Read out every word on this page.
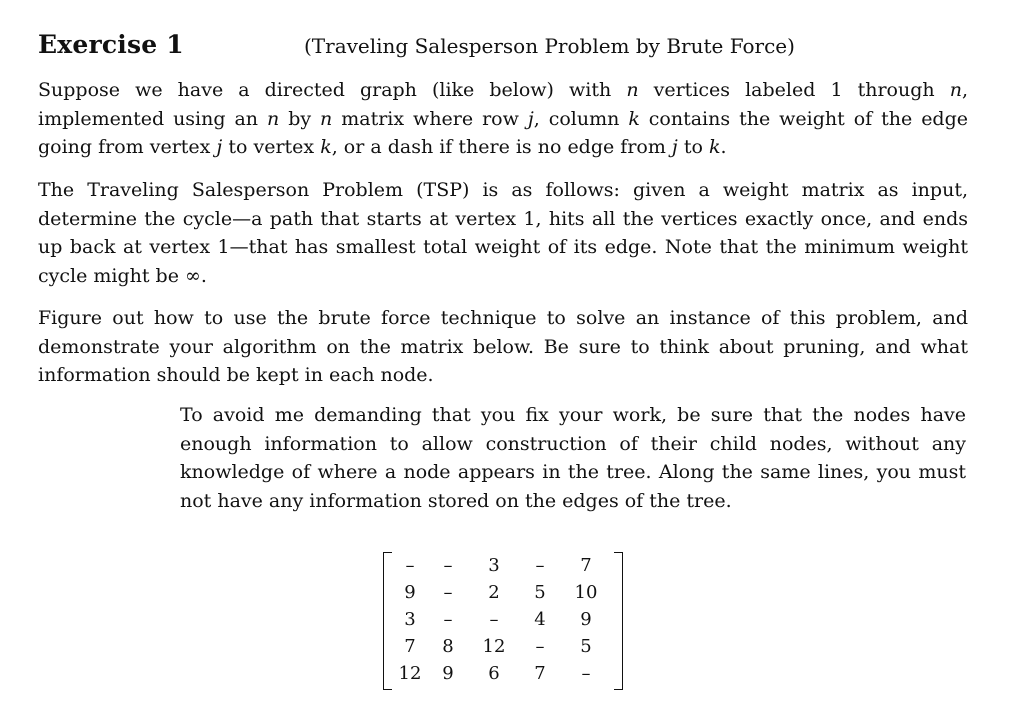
Exercise 1	(Traveling Salesperson Problem by Brute Force)

Suppose we have a directed graph (like below) with n vertices labeled 1 through n, implemented using an n by n matrix where row j, column k contains the weight of the edge going from vertex j to vertex k, or a dash if there is no edge from j to k.

The Traveling Salesperson Problem (TSP) is as follows: given a weight matrix as input, determine the cycle—a path that starts at vertex 1, hits all the vertices exactly once, and ends up back at vertex 1—that has smallest total weight of its edge. Note that the minimum weight cycle might be ∞.

Figure out how to use the brute force technique to solve an instance of this problem, and demonstrate your algorithm on the matrix below. Be sure to think about pruning, and what information should be kept in each node.

To avoid me demanding that you fix your work, be sure that the nodes have enough information to allow construction of their child nodes, without any knowledge of where a node appears in the tree. Along the same lines, you must not have any information stored on the edges of the tree.

–	–	3	–	7
9	–	2	5	10
3	–	–	4	9
7	8	12	–	5
12	9	6	7	–
